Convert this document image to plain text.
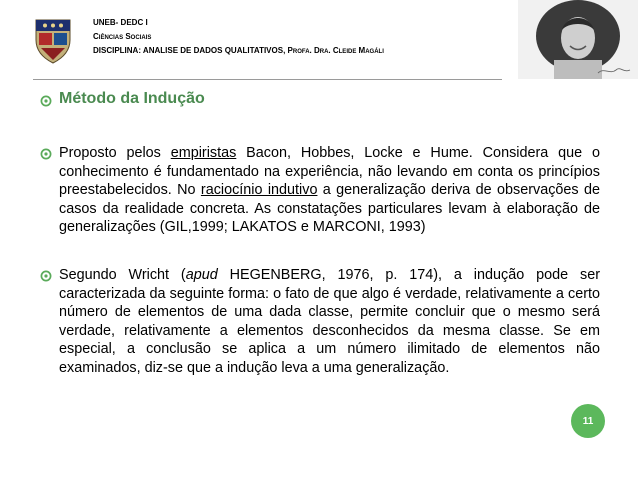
UNEB- DEDC I
Ciências Sociais
DISCIPLINA: ANALISE DE DADOS QUALITATIVOS, Profa. Dra. Cleide Magáli
Método da Indução

Proposto pelos empiristas Bacon, Hobbes, Locke e Hume. Considera que o conhecimento é fundamentado na experiência, não levando em conta os princípios preestabelecidos. No raciocínio indutivo a generalização deriva de observações de casos da realidade concreta. As constatações particulares levam à elaboração de generalizações (GIL,1999; LAKATOS e MARCONI, 1993)

Segundo Wricht (apud HEGENBERG, 1976, p. 174), a indução pode ser caracterizada da seguinte forma: o fato de que algo é verdade, relativamente a certo número de elementos de uma dada classe, permite concluir que o mesmo será verdade, relativamente a elementos desconhecidos da mesma classe. Se em especial, a conclusão se aplica a um número ilimitado de elementos não examinados, diz-se que a indução leva a uma generalização.

11
